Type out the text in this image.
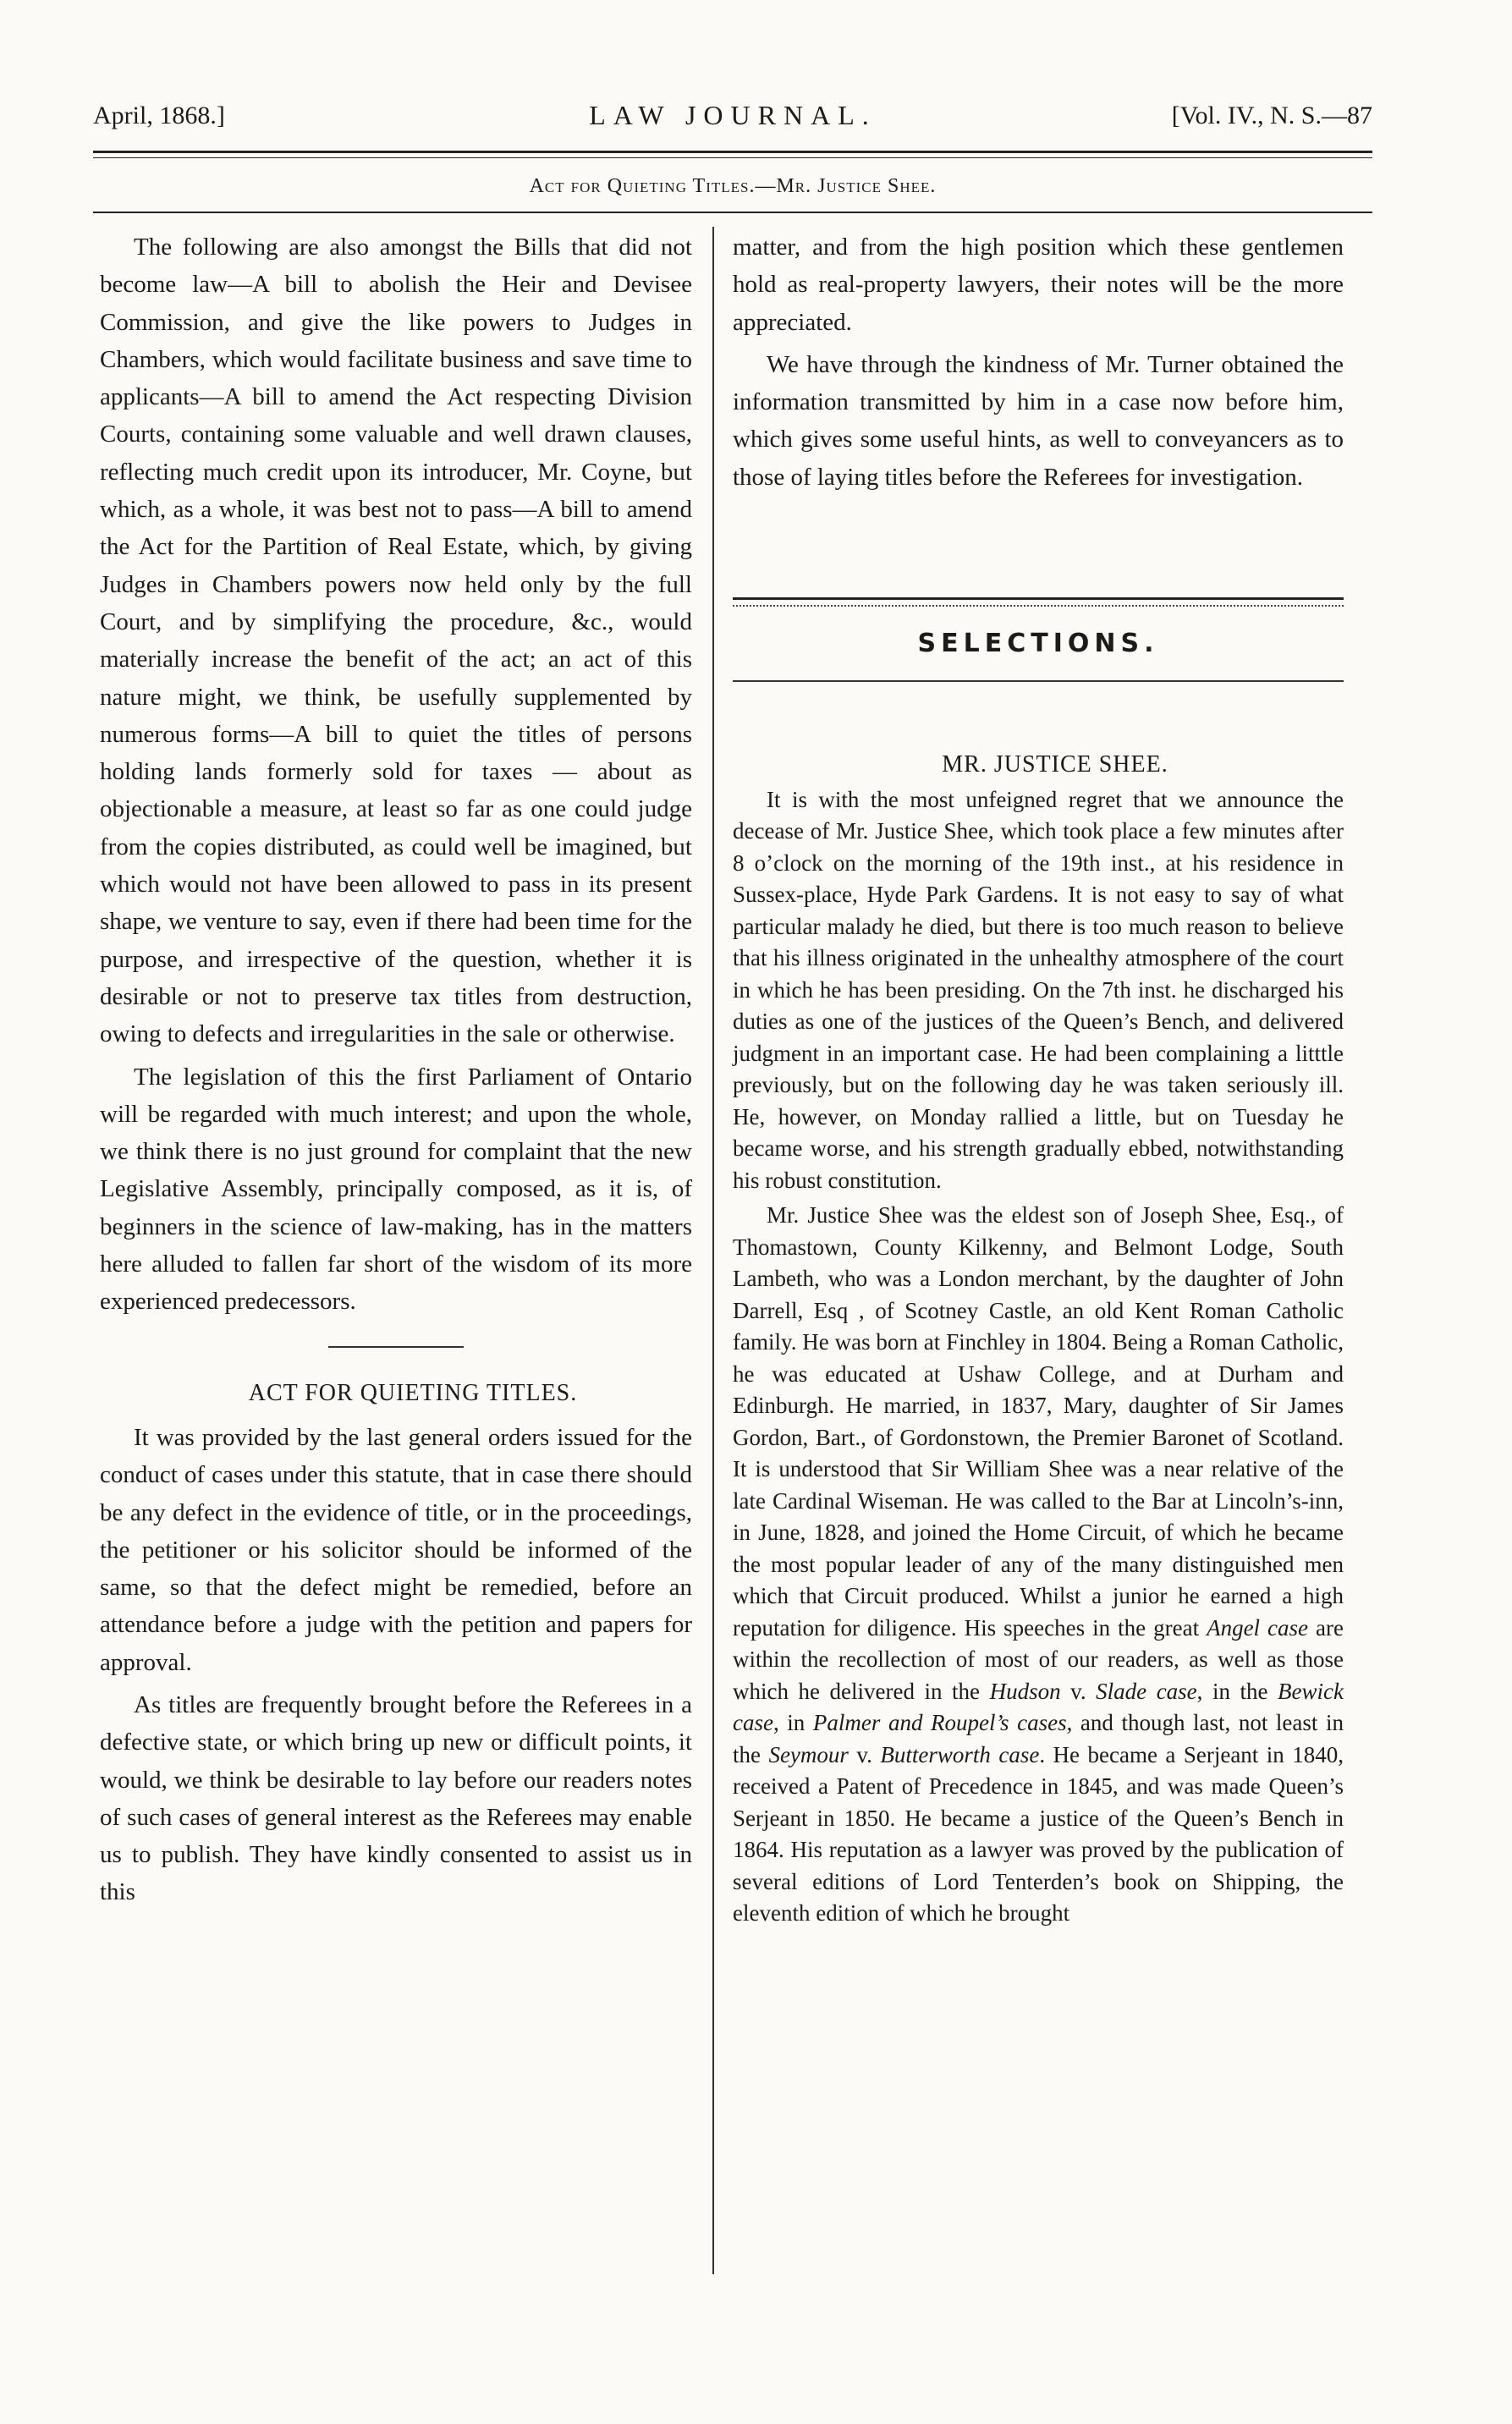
April, 1868.]	LAW JOURNAL.	[Vol. IV., N. S.—87
Act for Quieting Titles.—Mr. Justice Shee.

The following are also amongst the Bills that did not become law—A bill to abolish the Heir and Devisee Commission, and give the like powers to Judges in Chambers, which would facilitate business and save time to applicants—A bill to amend the Act respecting Division Courts, containing some valuable and well drawn clauses, reflecting much credit upon its introducer, Mr. Coyne, but which, as a whole, it was best not to pass—A bill to amend the Act for the Partition of Real Estate, which, by giving Judges in Chambers powers now held only by the full Court, and by simplifying the procedure, &c., would materially increase the benefit of the act; an act of this nature might, we think, be usefully supplemented by numerous forms—A bill to quiet the titles of persons holding lands formerly sold for taxes — about as objectionable a measure, at least so far as one could judge from the copies distributed, as could well be imagined, but which would not have been allowed to pass in its present shape, we venture to say, even if there had been time for the purpose, and irrespective of the question, whether it is desirable or not to preserve tax titles from destruction, owing to defects and irregularities in the sale or otherwise.

The legislation of this the first Parliament of Ontario will be regarded with much interest; and upon the whole, we think there is no just ground for complaint that the new Legislative Assembly, principally composed, as it is, of beginners in the science of law-making, has in the matters here alluded to fallen far short of the wisdom of its more experienced predecessors.

ACT FOR QUIETING TITLES.

It was provided by the last general orders issued for the conduct of cases under this statute, that in case there should be any defect in the evidence of title, or in the proceedings, the petitioner or his solicitor should be informed of the same, so that the defect might be remedied, before an attendance before a judge with the petition and papers for approval.

As titles are frequently brought before the Referees in a defective state, or which bring up new or difficult points, it would, we think be desirable to lay before our readers notes of such cases of general interest as the Referees may enable us to publish. They have kindly consented to assist us in this

matter, and from the high position which these gentlemen hold as real-property lawyers, their notes will be the more appreciated.

We have through the kindness of Mr. Turner obtained the information transmitted by him in a case now before him, which gives some useful hints, as well to conveyancers as to those of laying titles before the Referees for investigation.

SELECTIONS.

MR. JUSTICE SHEE.

It is with the most unfeigned regret that we announce the decease of Mr. Justice Shee, which took place a few minutes after 8 o’clock on the morning of the 19th inst., at his residence in Sussex-place, Hyde Park Gardens. It is not easy to say of what particular malady he died, but there is too much reason to believe that his illness originated in the unhealthy atmosphere of the court in which he has been presiding. On the 7th inst. he discharged his duties as one of the justices of the Queen’s Bench, and delivered judgment in an important case. He had been complaining a litttle previously, but on the following day he was taken seriously ill. He, however, on Monday rallied a little, but on Tuesday he became worse, and his strength gradually ebbed, notwithstanding his robust constitution.

Mr. Justice Shee was the eldest son of Joseph Shee, Esq., of Thomastown, County Kilkenny, and Belmont Lodge, South Lambeth, who was a London merchant, by the daughter of John Darrell, Esq , of Scotney Castle, an old Kent Roman Catholic family. He was born at Finchley in 1804. Being a Roman Catholic, he was educated at Ushaw College, and at Durham and Edinburgh. He married, in 1837, Mary, daughter of Sir James Gordon, Bart., of Gordonstown, the Premier Baronet of Scotland. It is understood that Sir William Shee was a near relative of the late Cardinal Wiseman. He was called to the Bar at Lincoln’s-inn, in June, 1828, and joined the Home Circuit, of which he became the most popular leader of any of the many distinguished men which that Circuit produced. Whilst a junior he earned a high reputation for diligence. His speeches in the great Angel case are within the recollection of most of our readers, as well as those which he delivered in the Hudson v. Slade case, in the Bewick case, in Palmer and Roupel’s cases, and though last, not least in the Seymour v. Butterworth case. He became a Serjeant in 1840, received a Patent of Precedence in 1845, and was made Queen’s Serjeant in 1850. He became a justice of the Queen’s Bench in 1864. His reputation as a lawyer was proved by the publication of several editions of Lord Tenterden’s book on Shipping, the eleventh edition of which he brought
